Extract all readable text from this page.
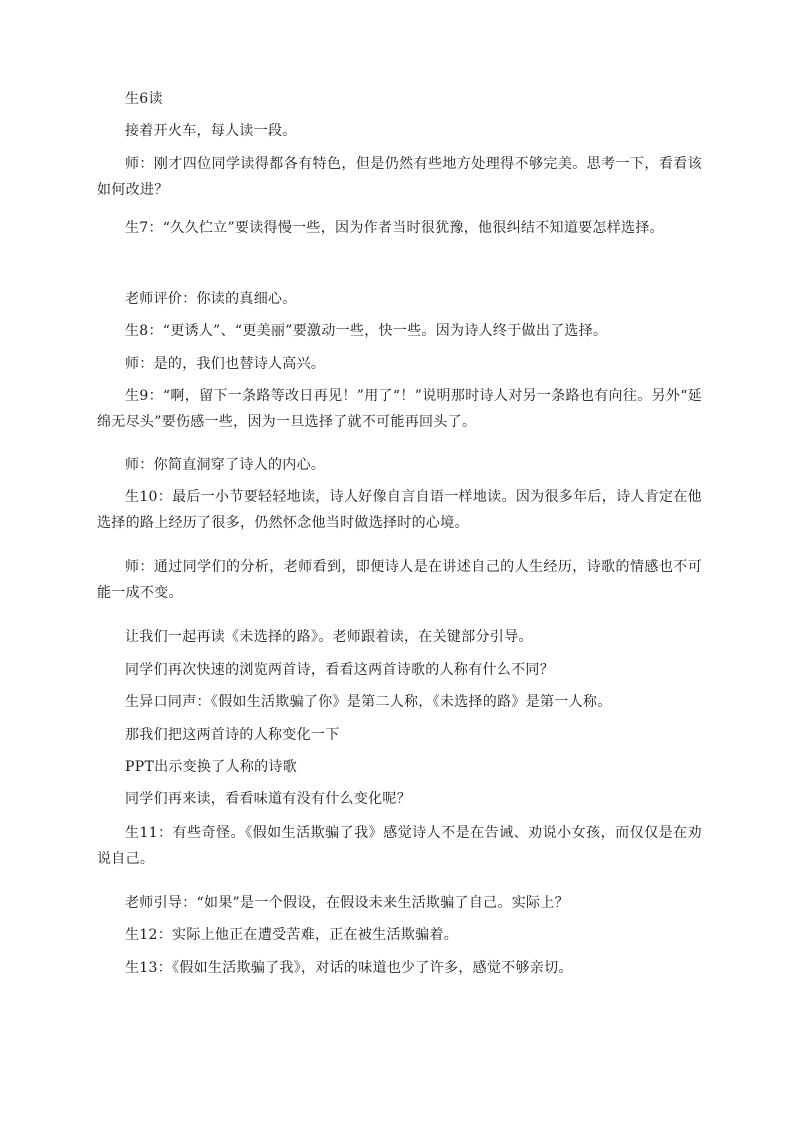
生6读
接着开火车，每人读一段。
师：刚才四位同学读得都各有特色，但是仍然有些地方处理得不够完美。思考一下，看看该如何改进？
生7：“久久伫立”要读得慢一些，因为作者当时很犹豫，他很纠结不知道要怎样选择。
老师评价：你读的真细心。
生8：“更诱人”、“更美丽”要激动一些，快一些。因为诗人终于做出了选择。
师：是的，我们也替诗人高兴。
生9：“啊，留下一条路等改日再见！”用了“！”说明那时诗人对另一条路也有向往。另外“延绵无尽头”要伤感一些，因为一旦选择了就不可能再回头了。
师：你简直洞穿了诗人的内心。
生10：最后一小节要轻轻地读，诗人好像自言自语一样地读。因为很多年后，诗人肯定在他选择的路上经历了很多，仍然怀念他当时做选择时的心境。
师：通过同学们的分析，老师看到，即便诗人是在讲述自己的人生经历，诗歌的情感也不可能一成不变。
让我们一起再读《未选择的路》。老师跟着读，在关键部分引导。
同学们再次快速的浏览两首诗，看看这两首诗歌的人称有什么不同？
生异口同声：《假如生活欺骗了你》是第二人称，《未选择的路》是第一人称。
那我们把这两首诗的人称变化一下
PPT出示变换了人称的诗歌
同学们再来读，看看味道有没有什么变化呢？
生11：有些奇怪。《假如生活欺骗了我》感觉诗人不是在告诫、劝说小女孩，而仅仅是在劝说自己。
老师引导：“如果”是一个假设，在假设未来生活欺骗了自己。实际上？
生12：实际上他正在遭受苦难，正在被生活欺骗着。
生13：《假如生活欺骗了我》，对话的味道也少了许多，感觉不够亲切。
